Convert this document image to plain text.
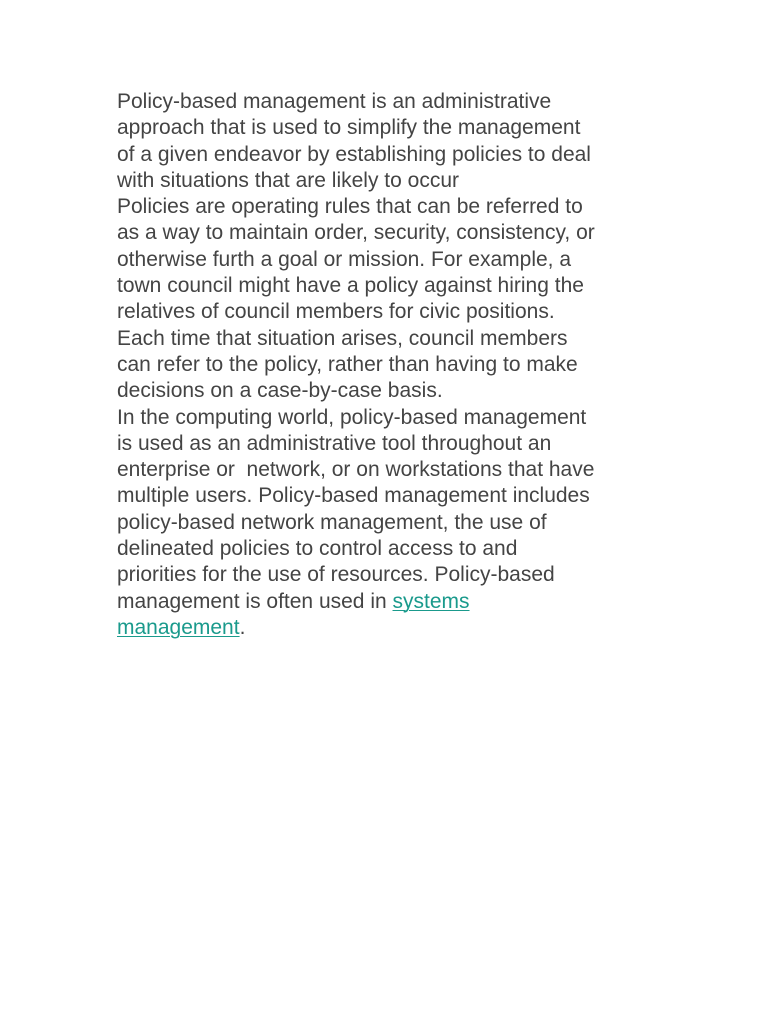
Policy-based management is an administrative
approach that is used to simplify the management
of a given endeavor by establishing policies to deal
with situations that are likely to occur

Policies are operating rules that can be referred to
as a way to maintain order, security, consistency, or
otherwise furth a goal or mission. For example, a
town council might have a policy against hiring the
relatives of council members for civic positions.
Each time that situation arises, council members
can refer to the policy, rather than having to make
decisions on a case-by-case basis.

In the computing world, policy-based management
is used as an administrative tool throughout an
enterprise or  network, or on workstations that have
multiple users. Policy-based management includes
policy-based network management, the use of
delineated policies to control access to and
priorities for the use of resources. Policy-based
management is often used in systems
management.
